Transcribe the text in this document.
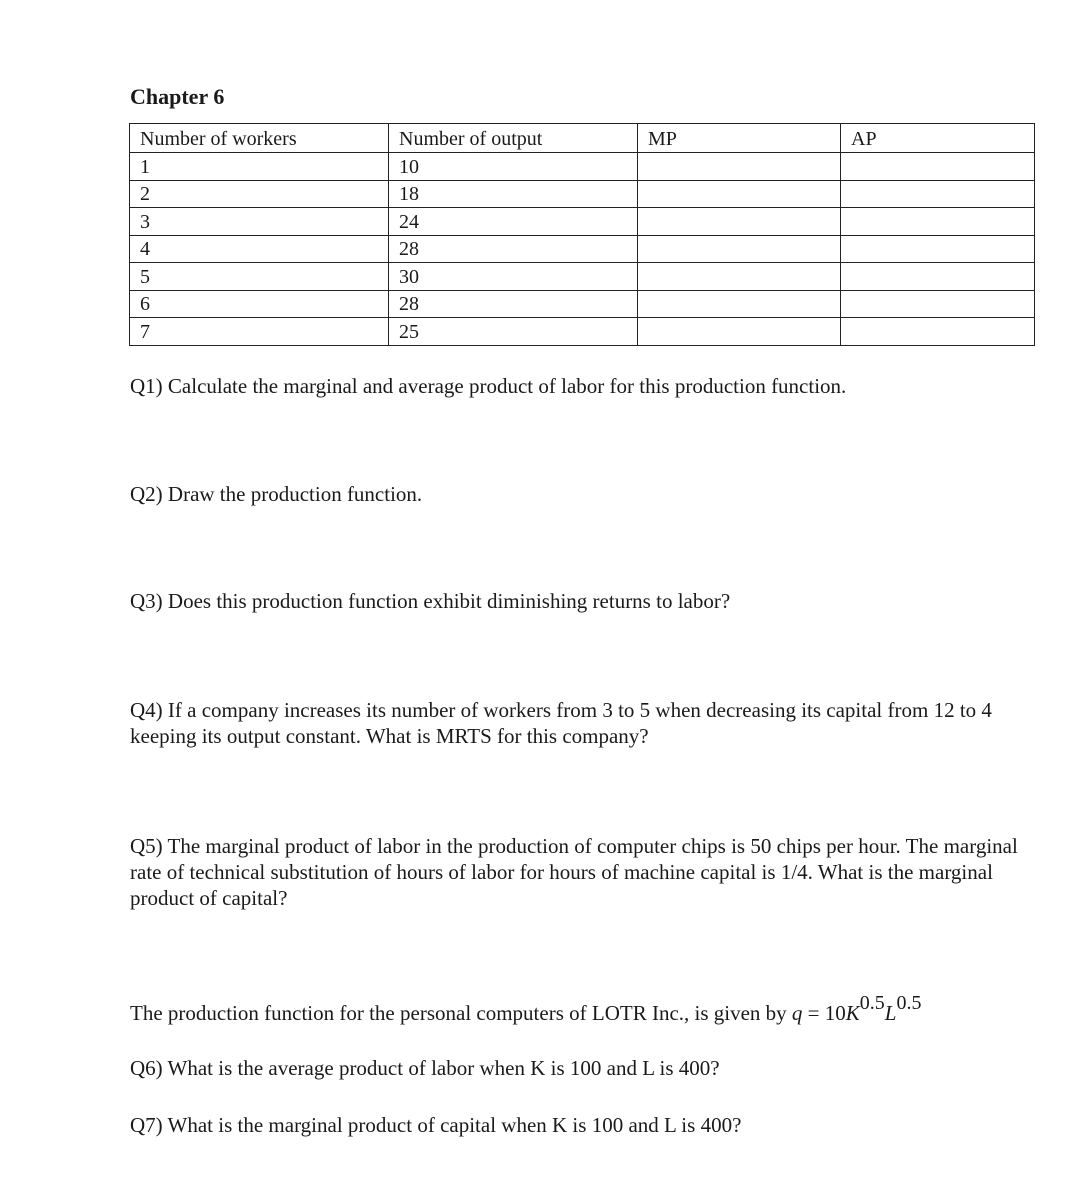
Chapter 6
Number of workers	Number of output	MP	AP
1	10		
2	18		
3	24		
4	28		
5	30		
6	28		
7	25		

Q1) Calculate the marginal and average product of labor for this production function.

Q2) Draw the production function.

Q3) Does this production function exhibit diminishing returns to labor?

Q4) If a company increases its number of workers from 3 to 5 when decreasing its capital from 12 to 4 keeping its output constant. What is MRTS for this company?

Q5) The marginal product of labor in the production of computer chips is 50 chips per hour. The marginal rate of technical substitution of hours of labor for hours of machine capital is 1/4. What is the marginal product of capital?

The production function for the personal computers of LOTR Inc., is given by $q = 10K^{0.5}L^{0.5}$

Q6) What is the average product of labor when K is 100 and L is 400?

Q7) What is the marginal product of capital when K is 100 and L is 400?
